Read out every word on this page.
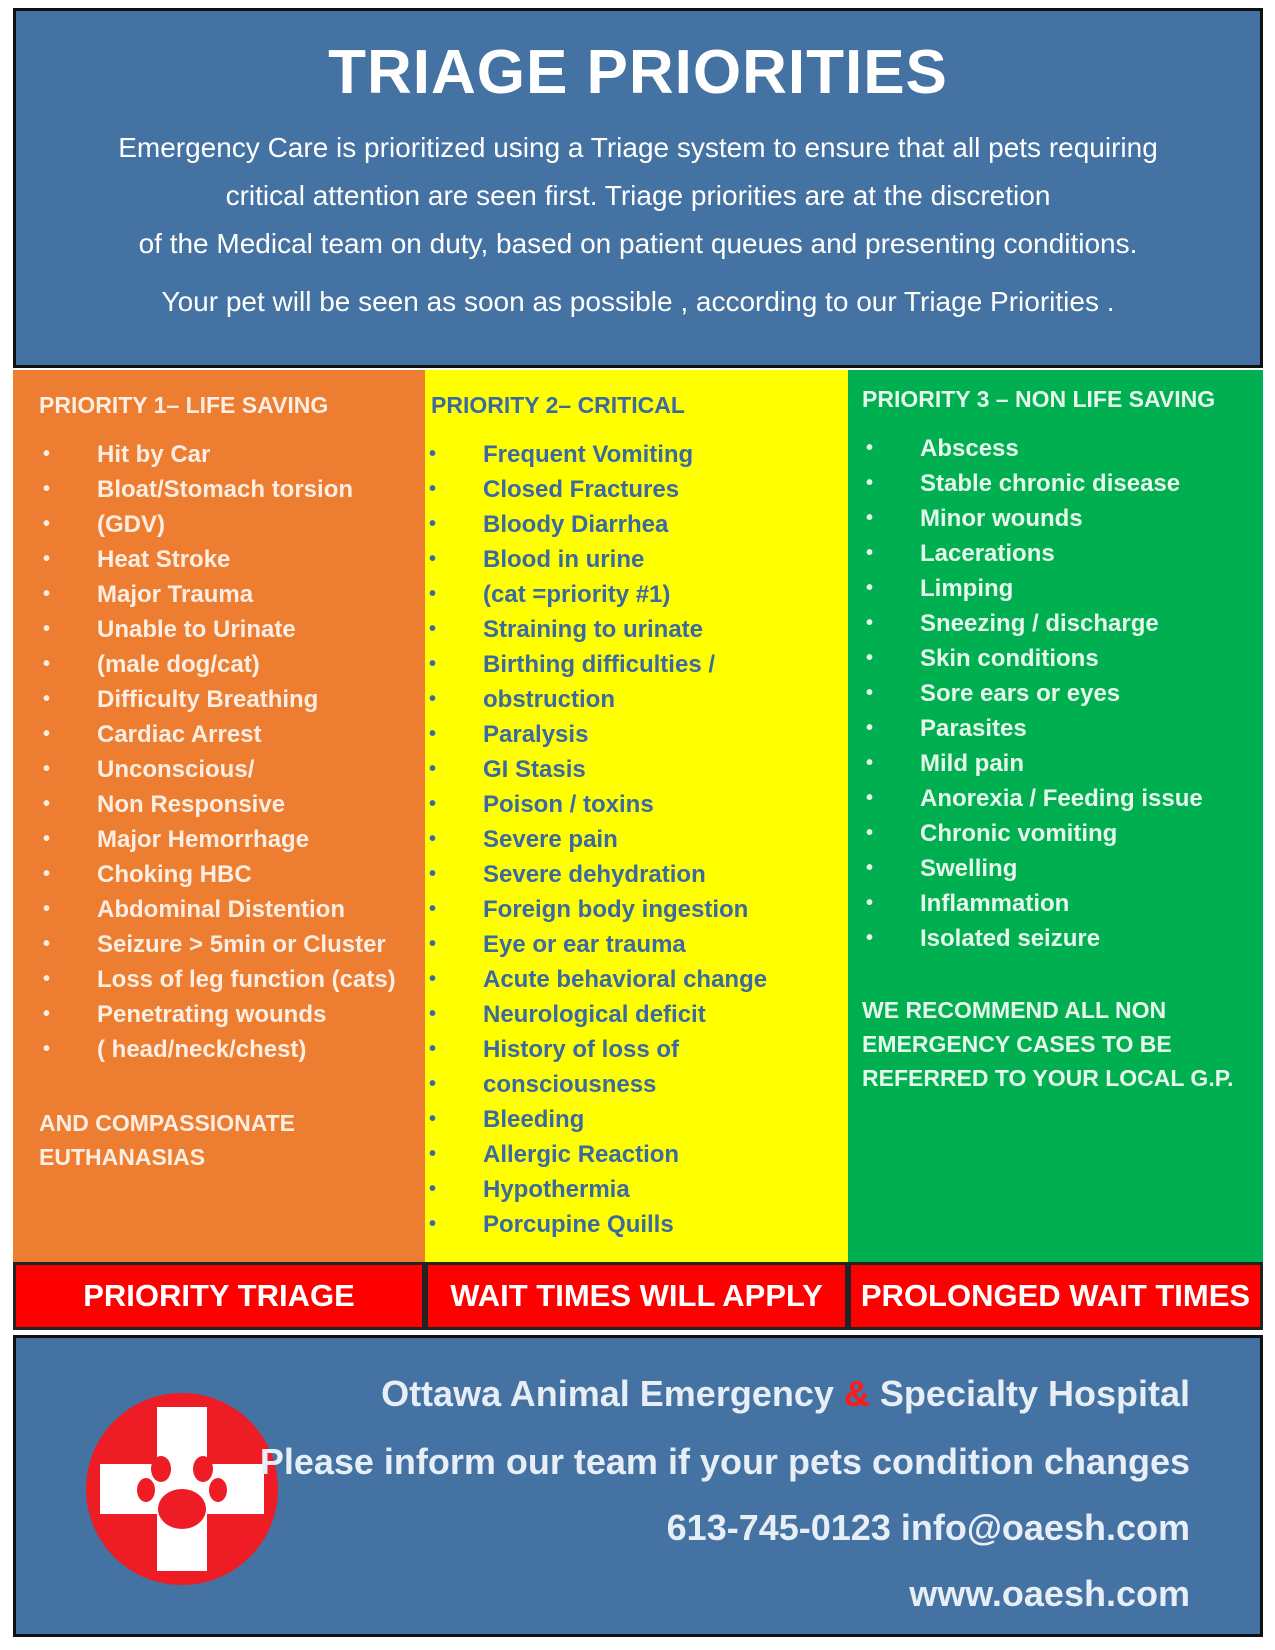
TRIAGE PRIORITIES
Emergency Care is prioritized using a Triage system to ensure that all pets requiring
critical attention are seen first. Triage priorities are at the discretion
of the Medical team on duty, based on patient queues and presenting conditions.
Your pet will be seen as soon as possible , according to our Triage Priorities .
PRIORITY 1– LIFE SAVING
• Hit by Car
• Bloat/Stomach torsion
• (GDV)
• Heat Stroke
• Major Trauma
• Unable to Urinate
• (male dog/cat)
• Difficulty Breathing
• Cardiac Arrest
• Unconscious/
• Non Responsive
• Major Hemorrhage
• Choking HBC
• Abdominal Distention
• Seizure > 5min or Cluster
• Loss of leg function (cats)
• Penetrating wounds
• ( head/neck/chest)
AND COMPASSIONATE
EUTHANASIAS
PRIORITY 2– CRITICAL
• Frequent Vomiting
• Closed Fractures
• Bloody Diarrhea
• Blood in urine
• (cat =priority #1)
• Straining to urinate
• Birthing difficulties /
• obstruction
• Paralysis
• GI Stasis
• Poison / toxins
• Severe pain
• Severe dehydration
• Foreign body ingestion
• Eye or ear trauma
• Acute behavioral change
• Neurological deficit
• History of loss of
• consciousness
• Bleeding
• Allergic Reaction
• Hypothermia
• Porcupine Quills
PRIORITY 3 – NON LIFE SAVING
• Abscess
• Stable chronic disease
• Minor wounds
• Lacerations
• Limping
• Sneezing / discharge
• Skin conditions
• Sore ears or eyes
• Parasites
• Mild pain
• Anorexia / Feeding issue
• Chronic vomiting
• Swelling
• Inflammation
• Isolated seizure
WE RECOMMEND ALL NON
EMERGENCY CASES TO BE
REFERRED TO YOUR LOCAL G.P.
PRIORITY TRIAGE	WAIT TIMES WILL APPLY	PROLONGED WAIT TIMES
Ottawa Animal Emergency & Specialty Hospital
Please inform our team if your pets condition changes
613-745-0123 info@oaesh.com
www.oaesh.com
